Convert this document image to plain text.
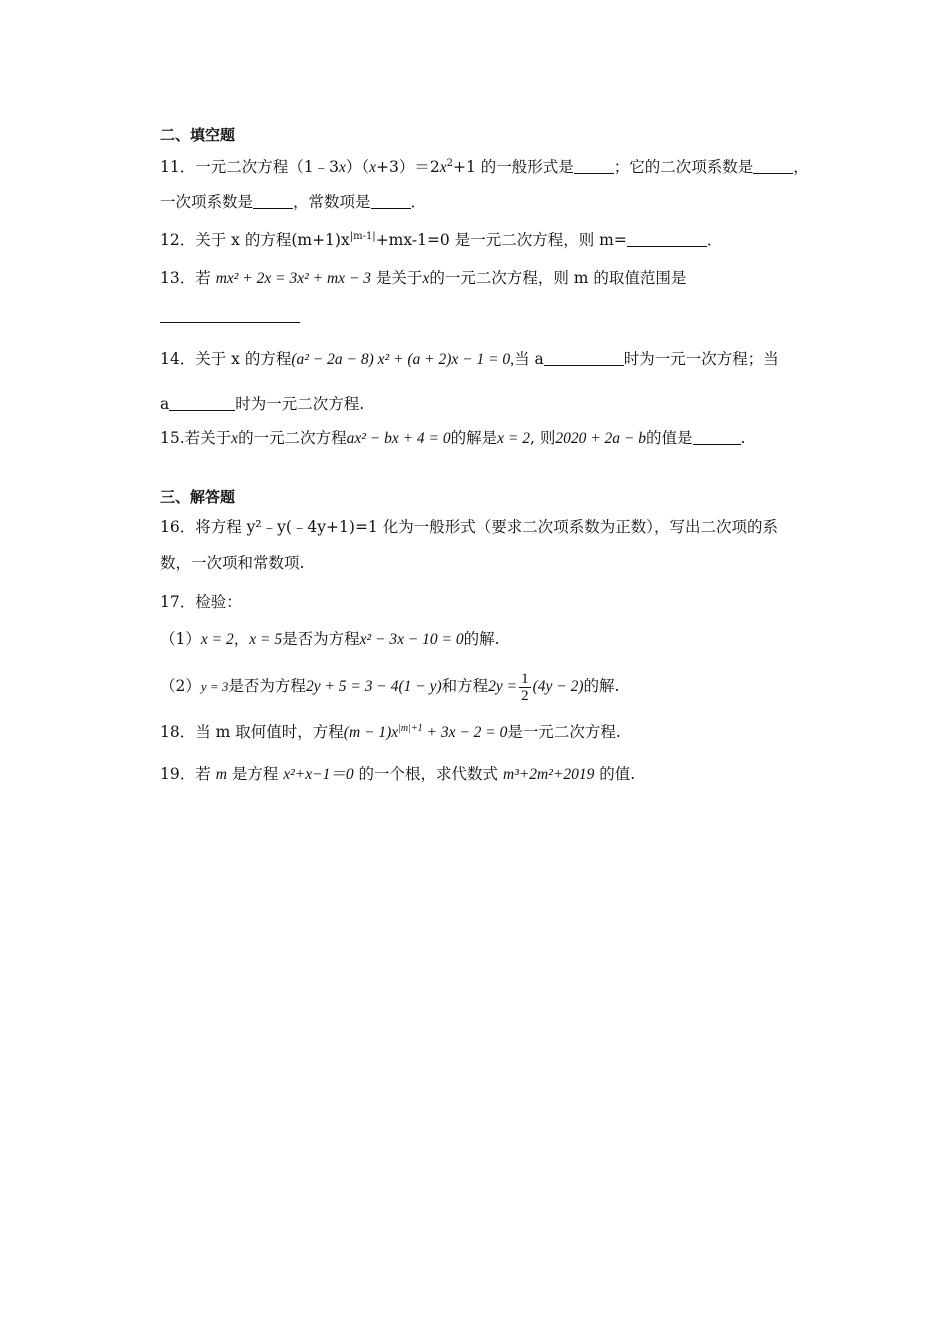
二、填空题
11．一元二次方程$(1﹣3x)(x+3)=2x^2+1$ 的一般形式是	；它的二次项系数是	，
一次项系数是	，常数项是	．
12．关于 x 的方程$(m+1)x^{|m-1|}+mx-1=0$ 是一元二次方程，则 m=	．
13．若 mx² + 2x = 3x² + mx − 3 是关于x的一元二次方程，则 m 的取值范围是
14．关于 x 的方程(a² − 2a − 8) x² + (a + 2)x − 1 = 0,当 a	时为一元一次方程；当
a	时为一元二次方程.
15.若关于x的一元二次方程ax² − bx + 4 = 0的解是x = 2, 则2020 + 2a − b的值是	.
三、解答题
16．将方程 y²﹣y(﹣4y+1)=1 化为一般形式（要求二次项系数为正数），写出二次项的系
数，一次项和常数项.
17．检验：
（1）x = 2，x = 5是否为方程x² − 3x − 10 = 0的解.
（2）y = 3是否为方程2y + 5 = 3 − 4(1 − y)和方程$2y = \frac{1}{2} (4y - 2)$的解.
18．当 m 取何值时，方程$(m - 1)x^{|m|+1} + 3x - 2 = 0$是一元二次方程.
19．若 m 是方程 x²+x−1＝0 的一个根，求代数式 m³+2m²+2019 的值.
